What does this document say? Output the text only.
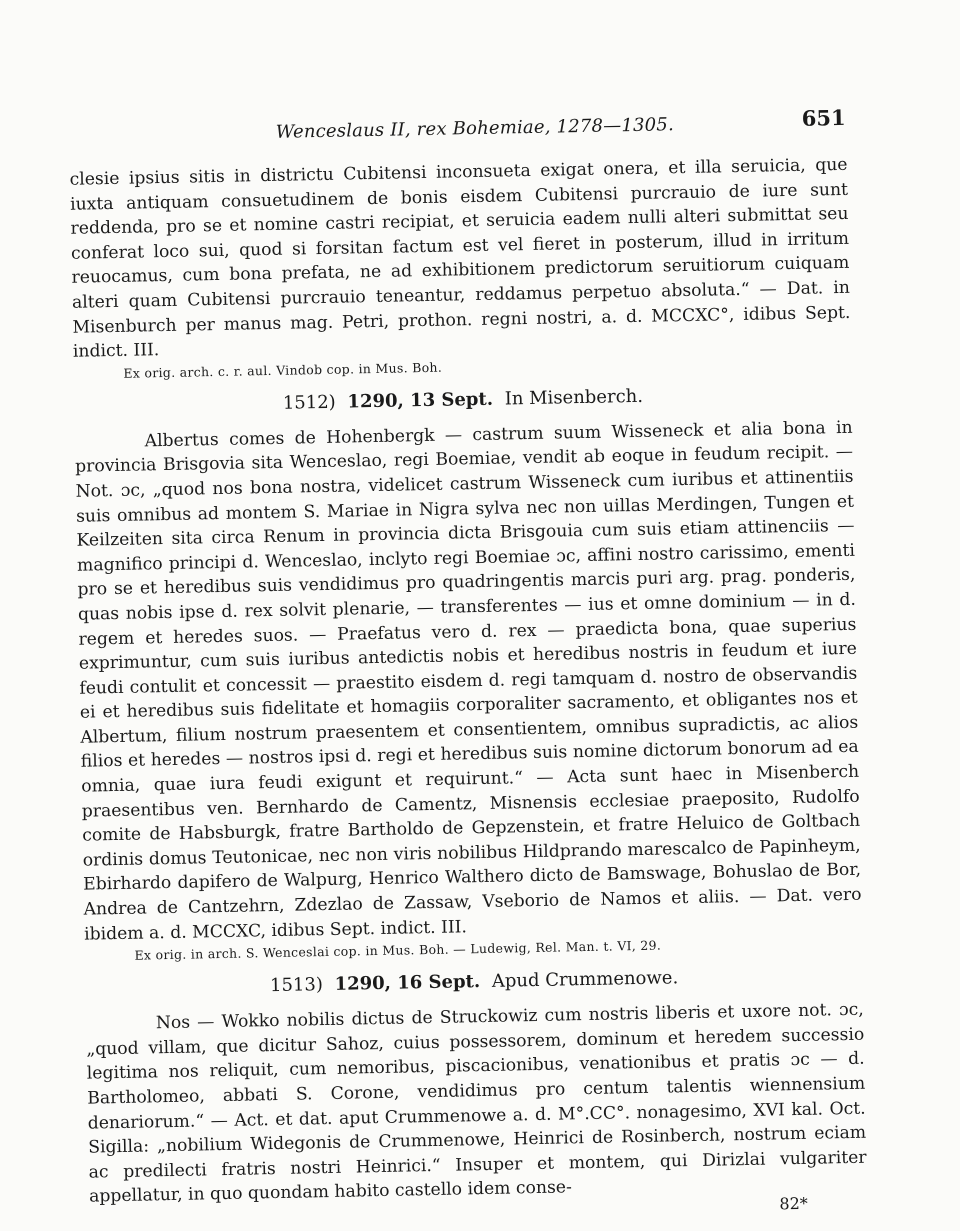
Wenceslaus II, rex Bohemiae, 1278—1305.	651

clesie ipsius sitis in districtu Cubitensi inconsueta exigat onera, et illa seruicia, que iuxta antiquam consuetudinem de bonis eisdem Cubitensi purcrauio de iure sunt reddenda, pro se et nomine castri recipiat, et seruicia eadem nulli alteri submittat seu conferat loco sui, quod si forsitan factum est vel fieret in posterum, illud in irritum reuocamus, cum bona prefata, ne ad exhibitionem predictorum seruitiorum cuiquam alteri quam Cubitensi purcrauio teneantur, reddamus perpetuo absoluta.“ — Dat. in Misenburch per manus mag. Petri, prothon. regni nostri, a. d. MCCXC°, idibus Sept. indict. III.

Ex orig. arch. c. r. aul. Vindob cop. in Mus. Boh.

1512) 1290, 13 Sept. In Misenberch.

Albertus comes de Hohenbergk — castrum suum Wisseneck et alia bona in provincia Brisgovia sita Wenceslao, regi Boemiae, vendit ab eoque in feudum recipit. — Not. ɔc, „quod nos bona nostra, videlicet castrum Wisseneck cum iuribus et attinentiis suis omnibus ad montem S. Mariae in Nigra sylva nec non uillas Merdingen, Tungen et Keilzeiten sita circa Renum in provincia dicta Brisgouia cum suis etiam attinenciis — magnifico principi d. Wenceslao, inclyto regi Boemiae ɔc, affini nostro carissimo, ementi pro se et heredibus suis vendidimus pro quadringentis marcis puri arg. prag. ponderis, quas nobis ipse d. rex solvit plenarie, — transferentes — ius et omne dominium — in d. regem et heredes suos. — Praefatus vero d. rex — praedicta bona, quae superius exprimuntur, cum suis iuribus antedictis nobis et heredibus nostris in feudum et iure feudi contulit et concessit — praestito eisdem d. regi tamquam d. nostro de observandis ei et heredibus suis fidelitate et homagiis corporaliter sacramento, et obligantes nos et Albertum, filium nostrum praesentem et consentientem, omnibus supradictis, ac alios filios et heredes — nostros ipsi d. regi et heredibus suis nomine dictorum bonorum ad ea omnia, quae iura feudi exigunt et requirunt.“ — Acta sunt haec in Misenberch praesentibus ven. Bernhardo de Camentz, Misnensis ecclesiae praeposito, Rudolfo comite de Habsburgk, fratre Bartholdo de Gepzenstein, et fratre Heluico de Goltbach ordinis domus Teutonicae, nec non viris nobilibus Hildprando marescalco de Papinheym, Ebirhardo dapifero de Walpurg, Henrico Walthero dicto de Bamswage, Bohuslao de Bor, Andrea de Cantzehrn, Zdezlao de Zassaw, Vseborio de Namos et aliis. — Dat. vero ibidem a. d. MCCXC, idibus Sept. indict. III.

Ex orig. in arch. S. Wenceslai cop. in Mus. Boh. — Ludewig, Rel. Man. t. VI, 29.

1513) 1290, 16 Sept. Apud Crummenowe.

Nos — Wokko nobilis dictus de Struckowiz cum nostris liberis et uxore not. ɔc, „quod villam, que dicitur Sahoz, cuius possessorem, dominum et heredem successio legitima nos reliquit, cum nemoribus, piscacionibus, venationibus et pratis ɔc — d. Bartholomeo, abbati S. Corone, vendidimus pro centum talentis wiennensium denariorum.“ — Act. et dat. aput Crummenowe a. d. M°.CC°. nonagesimo, XVI kal. Oct. Sigilla: „nobilium Widegonis de Crummenowe, Heinrici de Rosinberch, nostrum eciam ac predilecti fratris nostri Heinrici.“ Insuper et montem, qui Dirizlai vulgariter appellatur, in quo quondam habito castello idem conse-	82*
